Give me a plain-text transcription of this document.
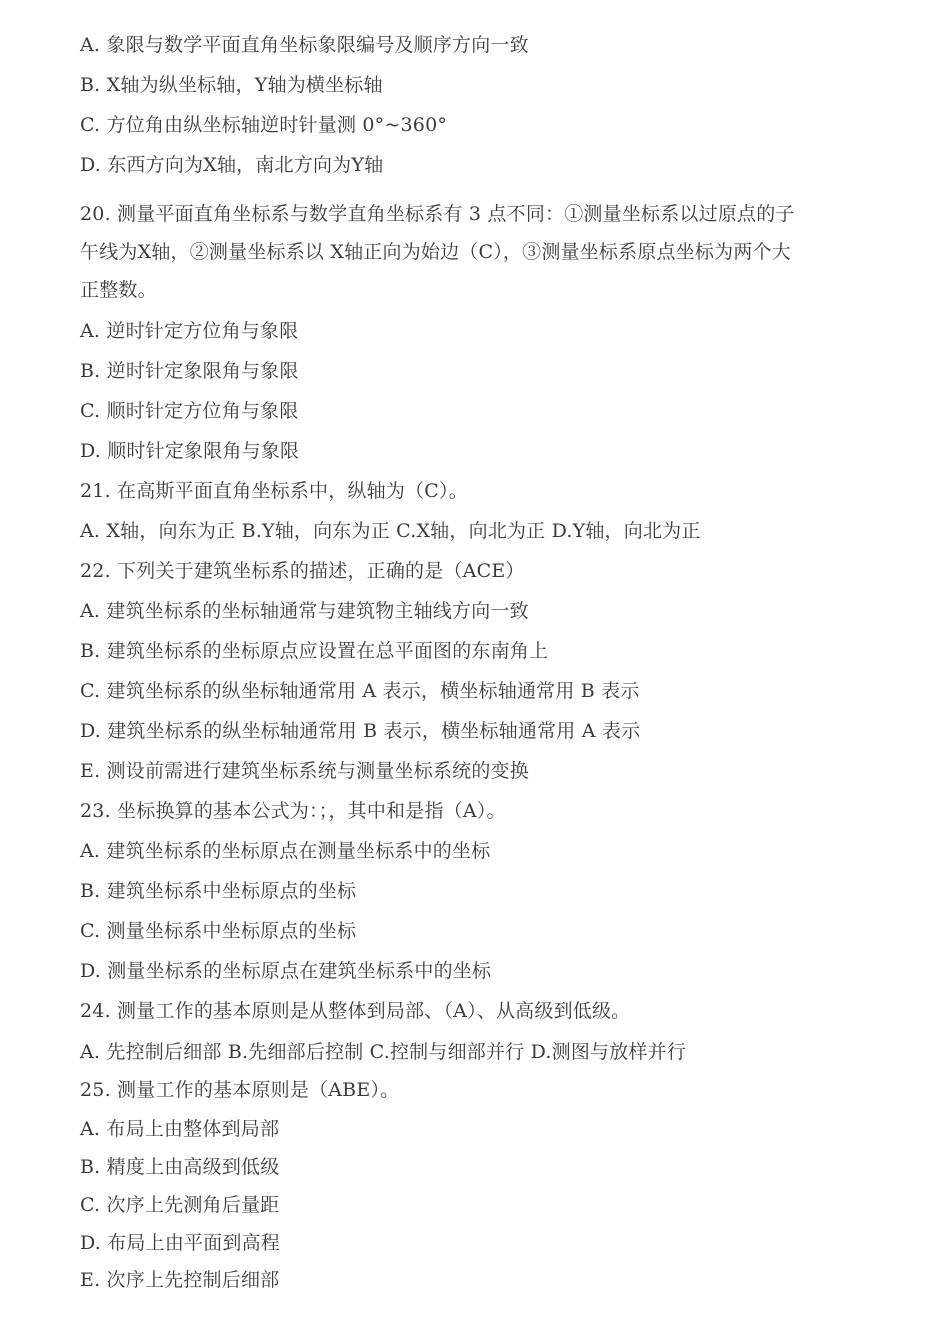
A. 象限与数学平面直角坐标象限编号及顺序方向一致
B. X轴为纵坐标轴，Y轴为横坐标轴
C. 方位角由纵坐标轴逆时针量测 0°~360°
D. 东西方向为X轴，南北方向为Y轴
20. 测量平面直角坐标系与数学直角坐标系有 3 点不同：①测量坐标系以过原点的子
午线为X轴，②测量坐标系以 X轴正向为始边（C），③测量坐标系原点坐标为两个大
正整数。
A. 逆时针定方位角与象限
B. 逆时针定象限角与象限
C. 顺时针定方位角与象限
D. 顺时针定象限角与象限
21. 在高斯平面直角坐标系中，纵轴为（C）。
A. X轴，向东为正 B.Y轴，向东为正 C.X轴，向北为正 D.Y轴，向北为正
22. 下列关于建筑坐标系的描述，正确的是（ACE）
A. 建筑坐标系的坐标轴通常与建筑物主轴线方向一致
B. 建筑坐标系的坐标原点应设置在总平面图的东南角上
C. 建筑坐标系的纵坐标轴通常用 A 表示，横坐标轴通常用 B 表示
D. 建筑坐标系的纵坐标轴通常用 B 表示，横坐标轴通常用 A 表示
E. 测设前需进行建筑坐标系统与测量坐标系统的变换
23. 坐标换算的基本公式为：；，其中和是指（A）。
A. 建筑坐标系的坐标原点在测量坐标系中的坐标
B. 建筑坐标系中坐标原点的坐标
C. 测量坐标系中坐标原点的坐标
D. 测量坐标系的坐标原点在建筑坐标系中的坐标
24. 测量工作的基本原则是从整体到局部、（A）、从高级到低级。
A. 先控制后细部 B.先细部后控制 C.控制与细部并行 D.测图与放样并行
25. 测量工作的基本原则是（ABE）。
A. 布局上由整体到局部
B. 精度上由高级到低级
C. 次序上先测角后量距
D. 布局上由平面到高程
E. 次序上先控制后细部
